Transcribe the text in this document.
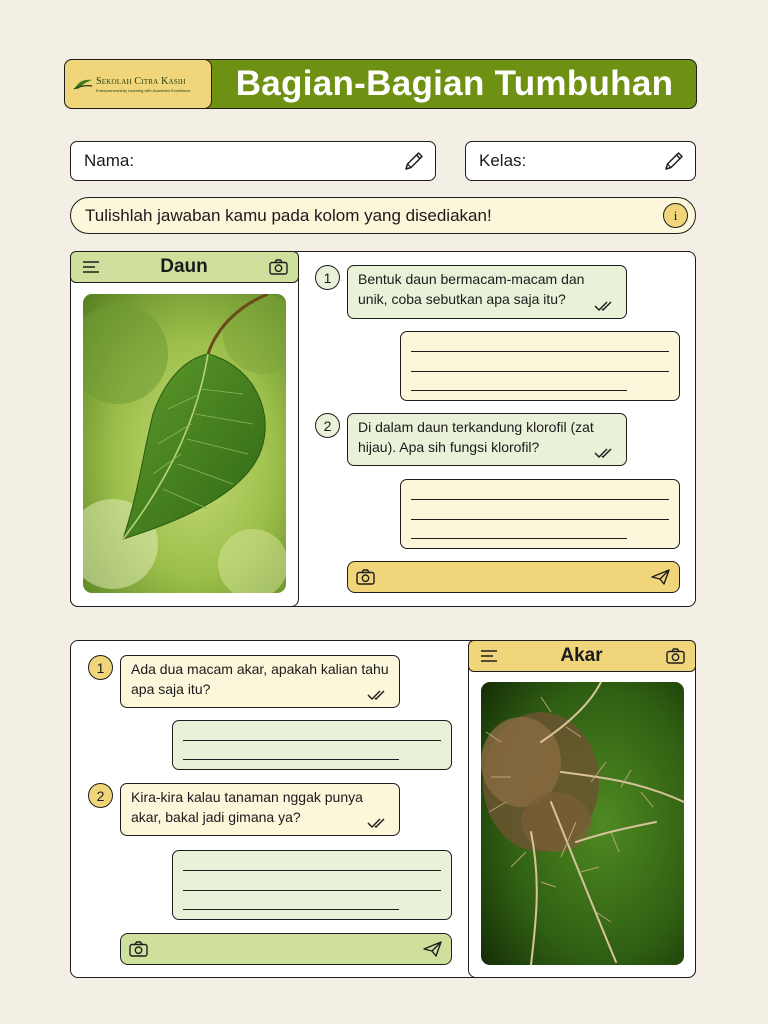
Sekolah Citra Kasih
Entrepreneurship Learning with Academic Excellence	Bagian-Bagian Tumbuhan
Nama:	Kelas:
Tulishlah jawaban kamu pada kolom yang disediakan!	i
Daun
1	Bentuk daun bermacam-macam dan unik, coba sebutkan apa saja itu?
2	Di dalam daun terkandung klorofil (zat hijau). Apa sih fungsi klorofil?
Akar
1	Ada dua macam akar, apakah kalian tahu apa saja itu?
2	Kira-kira kalau tanaman nggak punya akar, bakal jadi gimana ya?
